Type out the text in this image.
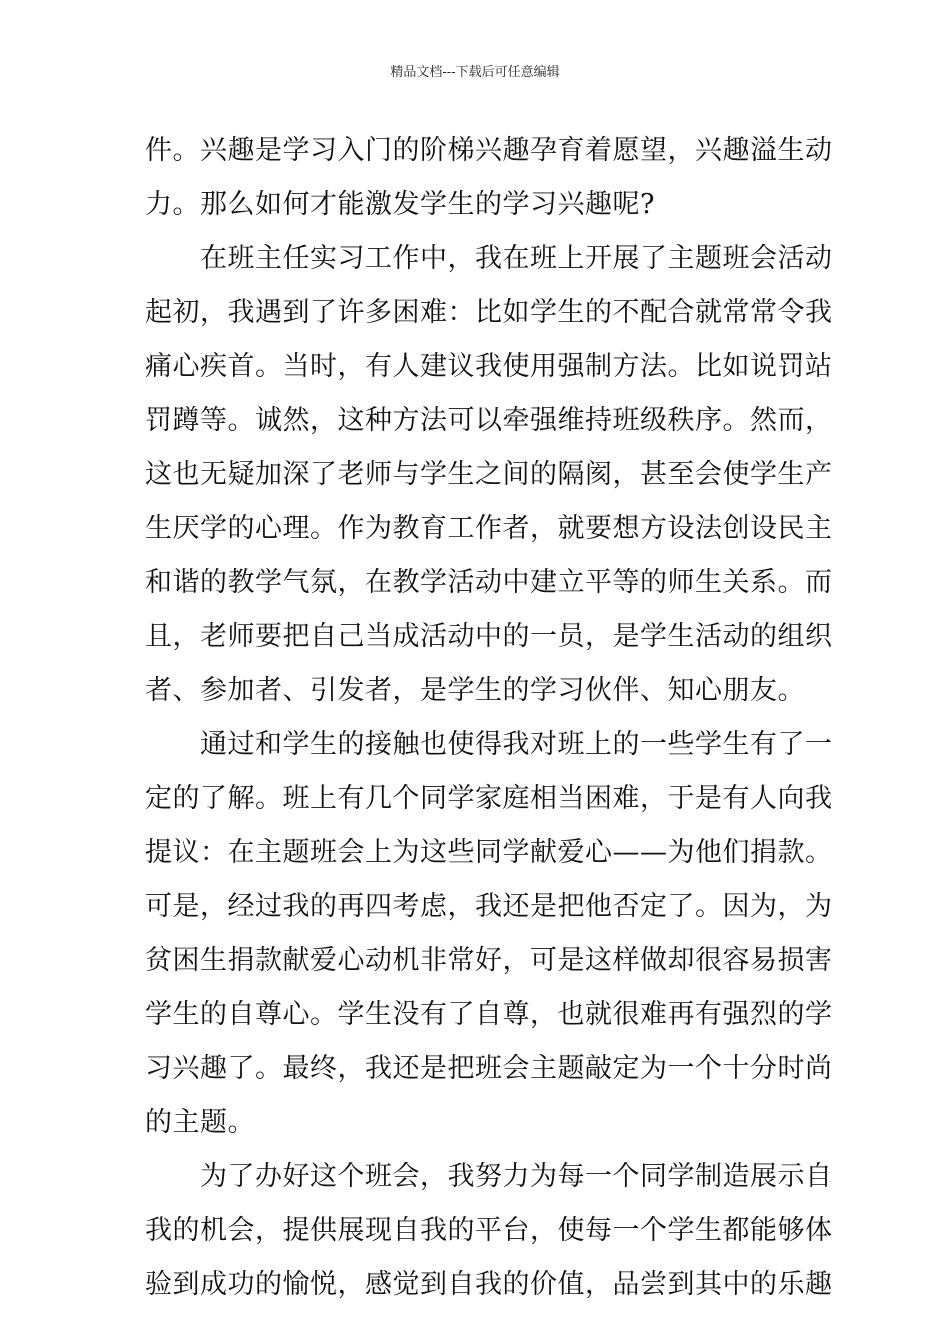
精品文档---下载后可任意编辑
件。兴趣是学习入门的阶梯兴趣孕育着愿望，兴趣溢生动
力。那么如何才能激发学生的学习兴趣呢?
　　在班主任实习工作中，我在班上开展了主题班会活动
起初，我遇到了许多困难：比如学生的不配合就常常令我
痛心疾首。当时，有人建议我使用强制方法。比如说罚站
罚蹲等。诚然，这种方法可以牵强维持班级秩序。然而，
这也无疑加深了老师与学生之间的隔阂，甚至会使学生产
生厌学的心理。作为教育工作者，就要想方设法创设民主
和谐的教学气氛，在教学活动中建立平等的师生关系。而
且，老师要把自己当成活动中的一员，是学生活动的组织
者、参加者、引发者，是学生的学习伙伴、知心朋友。
　　通过和学生的接触也使得我对班上的一些学生有了一
定的了解。班上有几个同学家庭相当困难，于是有人向我
提议：在主题班会上为这些同学献爱心——为他们捐款。
可是，经过我的再四考虑，我还是把他否定了。因为，为
贫困生捐款献爱心动机非常好，可是这样做却很容易损害
学生的自尊心。学生没有了自尊，也就很难再有强烈的学
习兴趣了。最终，我还是把班会主题敲定为一个十分时尚
的主题。
　　为了办好这个班会，我努力为每一个同学制造展示自
我的机会，提供展现自我的平台，使每一个学生都能够体
验到成功的愉悦，感觉到自我的价值，品尝到其中的乐趣
